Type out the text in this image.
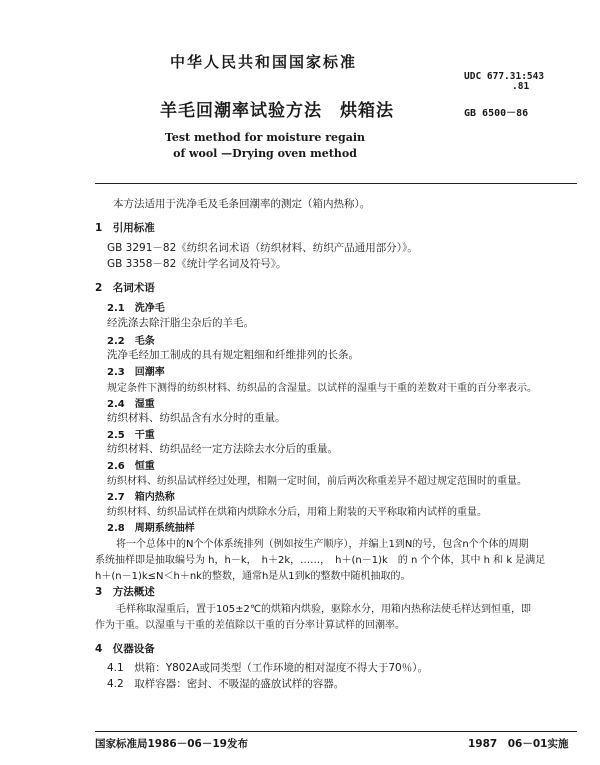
中华人民共和国国家标准
UDC 677.31:543
.81
羊毛回潮率试验方法　烘箱法	GB 6500－86
Test method for moisture regain
of wool —Drying oven method
本方法适用于洗净毛及毛条回潮率的测定（箱内热称）。
1　引用标准
GB 3291－82《纺织名词术语（纺织材料、纺织产品通用部分）》。
GB 3358－82《统计学名词及符号》。
2　名词术语
2.1　洗净毛
经洗涤去除汗脂尘杂后的羊毛。
2.2　毛条
洗净毛经加工制成的具有规定粗细和纤维排列的长条。
2.3　回潮率
规定条件下测得的纺织材料、纺织品的含湿量。以试样的湿重与干重的差数对干重的百分率表示。
2.4　湿重
纺织材料、纺织品含有水分时的重量。
2.5　干重
纺织材料、纺织品经一定方法除去水分后的重量。
2.6　恒重
纺织材料、纺织品试样经过处理，相隔一定时间，前后两次称重差异不超过规定范围时的重量。
2.7　箱内热称
纺织材料、纺织品试样在烘箱内烘除水分后，用箱上附装的天平称取箱内试样的重量。
2.8　周期系统抽样
将一个总体中的N个个体系统排列（例如按生产顺序），并编上1到N的号，包含n个个体的周期
系统抽样即是抽取编号为 h，h－k，　h＋2k，……，　h＋(n－1)k　的 n 个个体，其中 h 和 k 是满足
h＋(n－1)k≤N＜h＋nk的整数，通常h是从1到k的整数中随机抽取的。
3　方法概述
毛样称取湿重后，置于105±2℃的烘箱内烘验，驱除水分，用箱内热称法使毛样达到恒重，即
作为干重。以湿重与干重的差值除以干重的百分率计算试样的回潮率。
4　仪器设备
4.1　烘箱：Y802A或同类型（工作环境的相对湿度不得大于70％）。
4.2　取样容器：密封、不吸湿的盛放试样的容器。
国家标准局1986－06－19发布	1987　06－01实施
